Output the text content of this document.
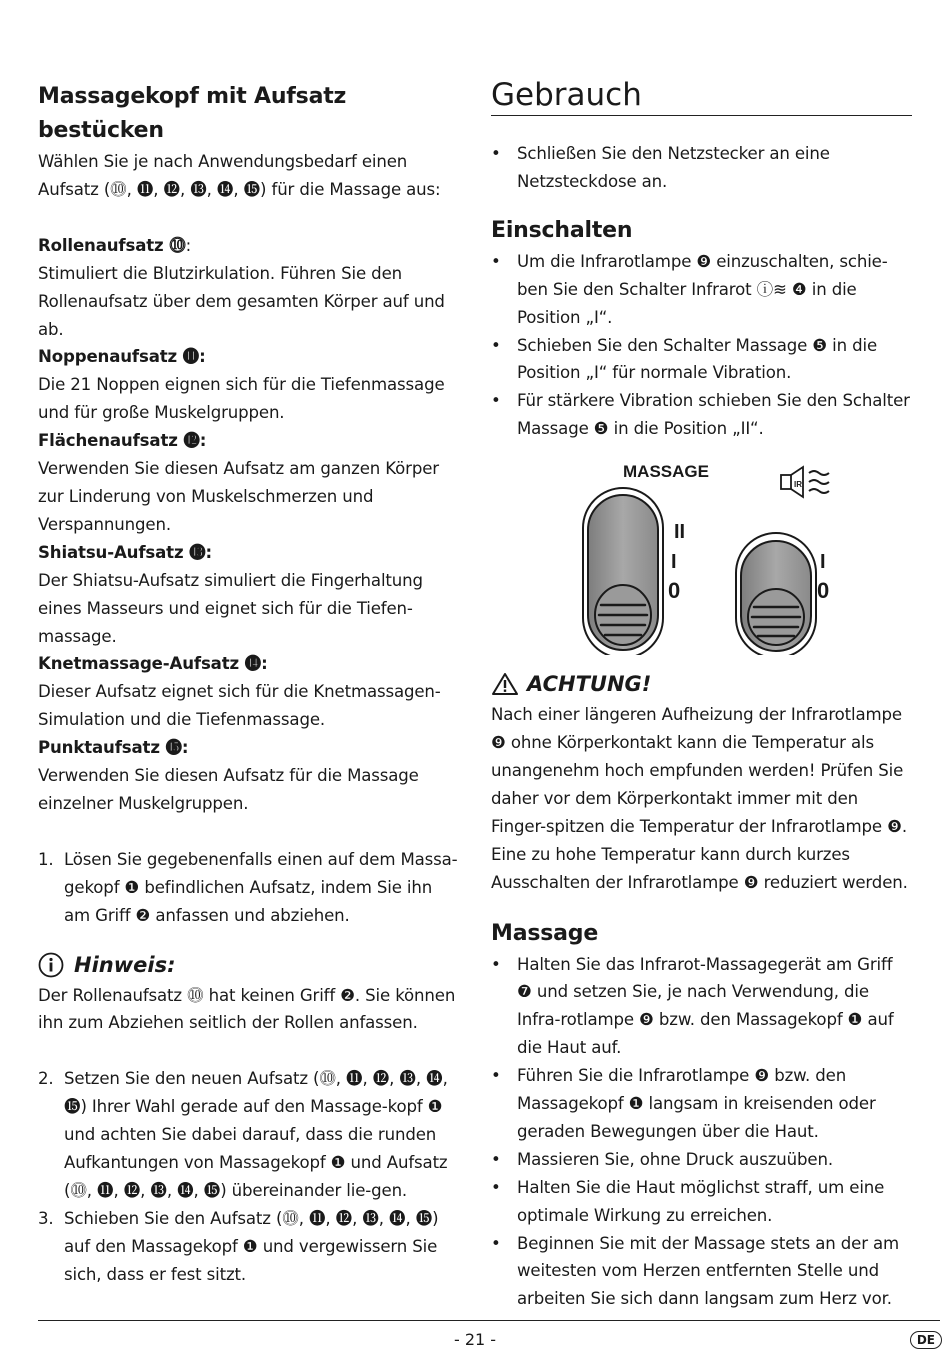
Massagekopf mit Aufsatz bestücken

Wählen Sie je nach Anwendungsbedarf einen Aufsatz (⓾, ⓫, ⓬, ⓭, ⓮, ⓯) für die Massage aus:

Rollenaufsatz ⓾:

Stimuliert die Blutzirkulation. Führen Sie den Rollenaufsatz über dem gesamten Körper auf und ab.

Noppenaufsatz ⓫:

Die 21 Noppen eignen sich für die Tiefenmassage und für große Muskelgruppen.

Flächenaufsatz ⓬:

Verwenden Sie diesen Aufsatz am ganzen Körper zur Linderung von Muskelschmerzen und Verspannungen.

Shiatsu-Aufsatz ⓭:

Der Shiatsu-Aufsatz simuliert die Fingerhaltung eines Masseurs und eignet sich für die Tiefen-massage.

Knetmassage-Aufsatz ⓮:

Dieser Aufsatz eignet sich für die Knetmassagen-Simulation und die Tiefenmassage.

Punktaufsatz ⓯:

Verwenden Sie diesen Aufsatz für die Massage einzelner Muskelgruppen.

1. Lösen Sie gegebenenfalls einen auf dem Massa-gekopf ❶ befindlichen Aufsatz, indem Sie ihn am Griff ❷ anfassen und abziehen.
Hinweis:

Der Rollenaufsatz ⓾ hat keinen Griff ❷. Sie können ihn zum Abziehen seitlich der Rollen anfassen.

2. Setzen Sie den neuen Aufsatz (⓾, ⓫, ⓬, ⓭, ⓮, ⓯) Ihrer Wahl gerade auf den Massage-kopf ❶ und achten Sie dabei darauf, dass die runden Aufkantungen von Massagekopf ❶ und Aufsatz (⓾, ⓫, ⓬, ⓭, ⓮, ⓯) übereinander lie-gen.
3. Schieben Sie den Aufsatz (⓾, ⓫, ⓬, ⓭, ⓮, ⓯) auf den Massagekopf ❶ und vergewissern Sie sich, dass er fest sitzt.
Gebrauch
• Schließen Sie den Netzstecker an eine Netzsteckdose an.
Einschalten
• Um die Infrarotlampe ❾ einzuschalten, schie-ben Sie den Schalter Infrarot ⓘ≋ ❹ in die Position „I“.
• Schieben Sie den Schalter Massage ❺ in die Position „I“ für normale Vibration.
• Für stärkere Vibration schieben Sie den Schalter Massage ❺ in die Position „II“.
MASSAGE
II
I
0
IR
I
0
ACHTUNG!

Nach einer längeren Aufheizung der Infrarotlampe ❾ ohne Körperkontakt kann die Temperatur als unangenehm hoch empfunden werden! Prüfen Sie daher vor dem Körperkontakt immer mit den Finger-spitzen die Temperatur der Infrarotlampe ❾. Eine zu hohe Temperatur kann durch kurzes Ausschalten der Infrarotlampe ❾ reduziert werden.

Massage
• Halten Sie das Infrarot-Massagegerät am Griff ❼ und setzen Sie, je nach Verwendung, die Infra-rotlampe ❾ bzw. den Massagekopf ❶ auf die Haut auf.
• Führen Sie die Infrarotlampe ❾ bzw. den Massagekopf ❶ langsam in kreisenden oder geraden Bewegungen über die Haut.
• Massieren Sie, ohne Druck auszuüben.
• Halten Sie die Haut möglichst straff, um eine optimale Wirkung zu erreichen.
• Beginnen Sie mit der Massage stets an der am weitesten vom Herzen entfernten Stelle und arbeiten Sie sich dann langsam zum Herz vor.
- 21 -	DE
